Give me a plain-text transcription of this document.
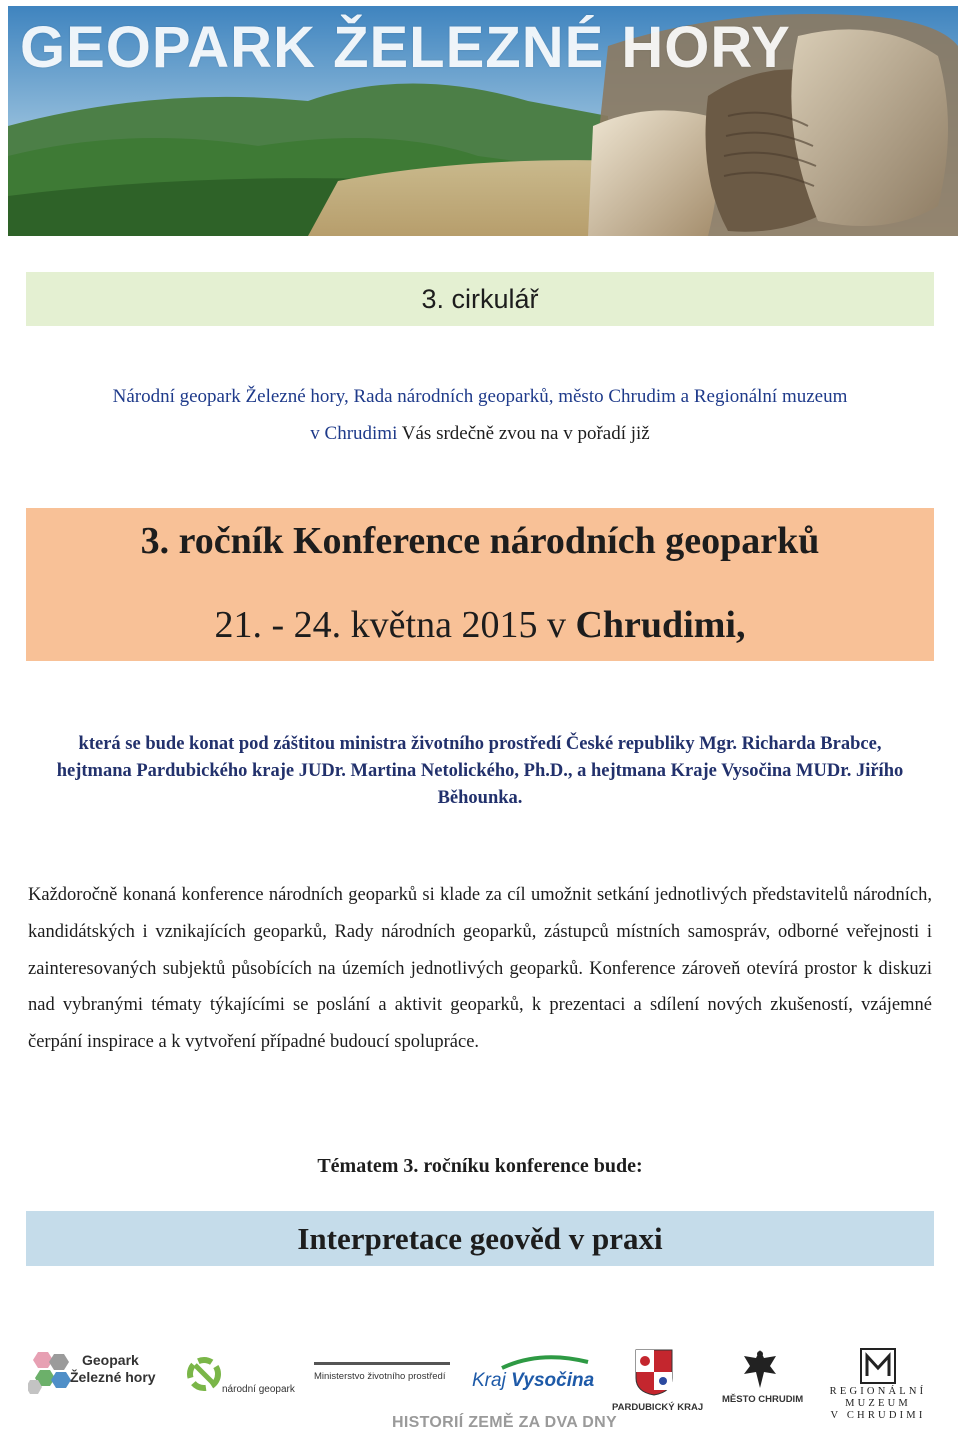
GEOPARK ŽELEZNÉ HORY
3. cirkulář
Národní geopark Železné hory, Rada národních geoparků, město Chrudim a Regionální muzeum
v Chrudimi Vás srdečně zvou na v pořadí již
3. ročník Konference národních geoparků
21. - 24. května 2015 v Chrudimi,
která se bude konat pod záštitou ministra životního prostředí České republiky Mgr. Richarda Brabce,
hejtmana Pardubického kraje JUDr. Martina Netolického, Ph.D., a hejtmana Kraje Vysočina MUDr. Jiřího
Běhounka.
Každoročně konaná konference národních geoparků si klade za cíl umožnit setkání jednotlivých představitelů národních, kandidátských i vznikajících geoparků, Rady národních geoparků, zástupců místních samospráv, odborné veřejnosti i zainteresovaných subjektů působících na územích jednotlivých geoparků. Konference zároveň otevírá prostor k diskuzi nad vybranými tématy týkajícími se poslání a aktivit geoparků, k prezentaci a sdílení nových zkušeností, vzájemné čerpání inspirace a k vytvoření případné budoucí spolupráce.
Tématem 3. ročníku konference bude:
Interpretace geověd v praxi
Geopark
Železné hory
národní geopark
Ministerstvo životního prostředí	Kraj Vysočina
PARDUBICKÝ KRAJ
MĚSTO CHRUDIM
REGIONÁLNÍ
MUZEUM
V CHRUDIMI
HISTORIÍ ZEMĚ ZA DVA DNY
